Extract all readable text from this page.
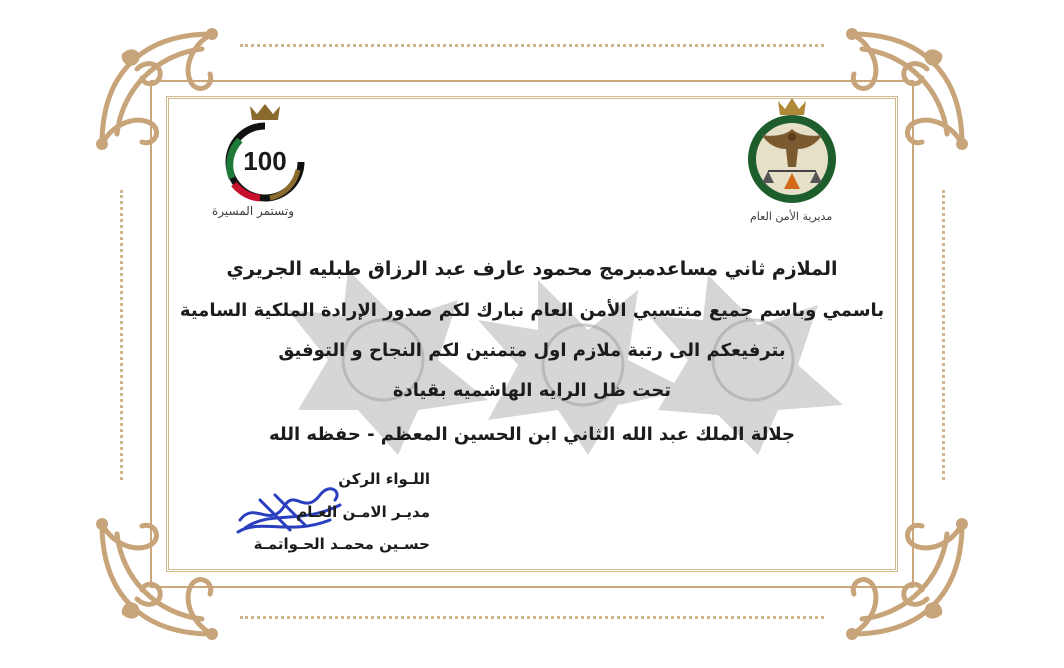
100
وتستمر المسيرة	مديرية الأمن العام
الملازم ثاني مساعدمبرمج محمود عارف عبد الرزاق طبليه الجريري
باسمي وباسم جميع منتسبي الأمن العام نبارك لكم صدور الإرادة الملكية السامية
بترفيعكم الى رتبة ملازم اول متمنين لكم النجاح و التوفيق
تحت ظل الرايه الهاشميه بقيادة
جلالة الملك عبد الله الثاني ابن الحسين المعظم - حفظه الله
اللـواء الركن
مديـر الامـن العـام
حسـين محمـد الحـواتمـة
